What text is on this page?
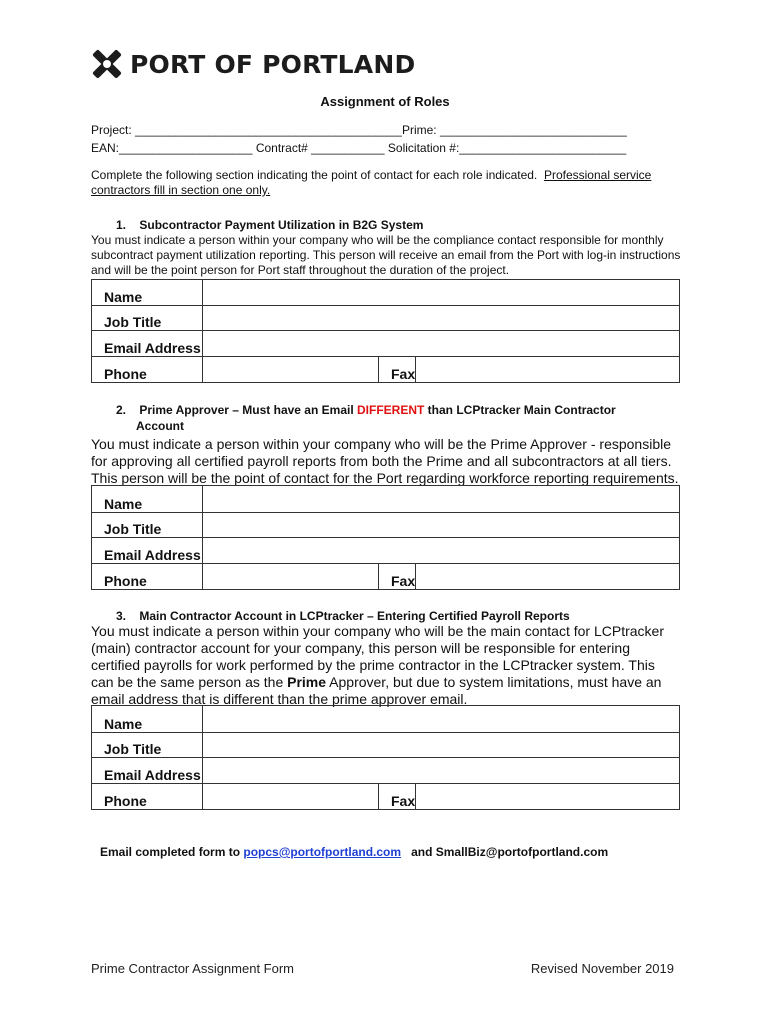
PORT OF PORTLAND
Assignment of Roles
Project: ________________________________________Prime: ____________________________
EAN:____________________ Contract# ___________ Solicitation #:_________________________
Complete the following section indicating the point of contact for each role indicated. Professional service contractors fill in section one only.
1. Subcontractor Payment Utilization in B2G System
You must indicate a person within your company who will be the compliance contact responsible for monthly subcontract payment utilization reporting. This person will receive an email from the Port with log-in instructions and will be the point person for Port staff throughout the duration of the project.
Name			
Job Title			
Email Address			
Phone		Fax	
2. Prime Approver – Must have an Email DIFFERENT than LCPtracker Main Contractor
Account
You must indicate a person within your company who will be the Prime Approver - responsible for approving all certified payroll reports from both the Prime and all subcontractors at all tiers. This person will be the point of contact for the Port regarding workforce reporting requirements.
Name			
Job Title			
Email Address			
Phone		Fax	
3. Main Contractor Account in LCPtracker – Entering Certified Payroll Reports
You must indicate a person within your company who will be the main contact for LCPtracker (main) contractor account for your company, this person will be responsible for entering certified payrolls for work performed by the prime contractor in the LCPtracker system. This can be the same person as the Prime Approver, but due to system limitations, must have an email address that is different than the prime approver email.
Name			
Job Title			
Email Address			
Phone		Fax	
Email completed form to popcs@portofportland.com and SmallBiz@portofportland.com
Prime Contractor Assignment Form	Revised November 2019
